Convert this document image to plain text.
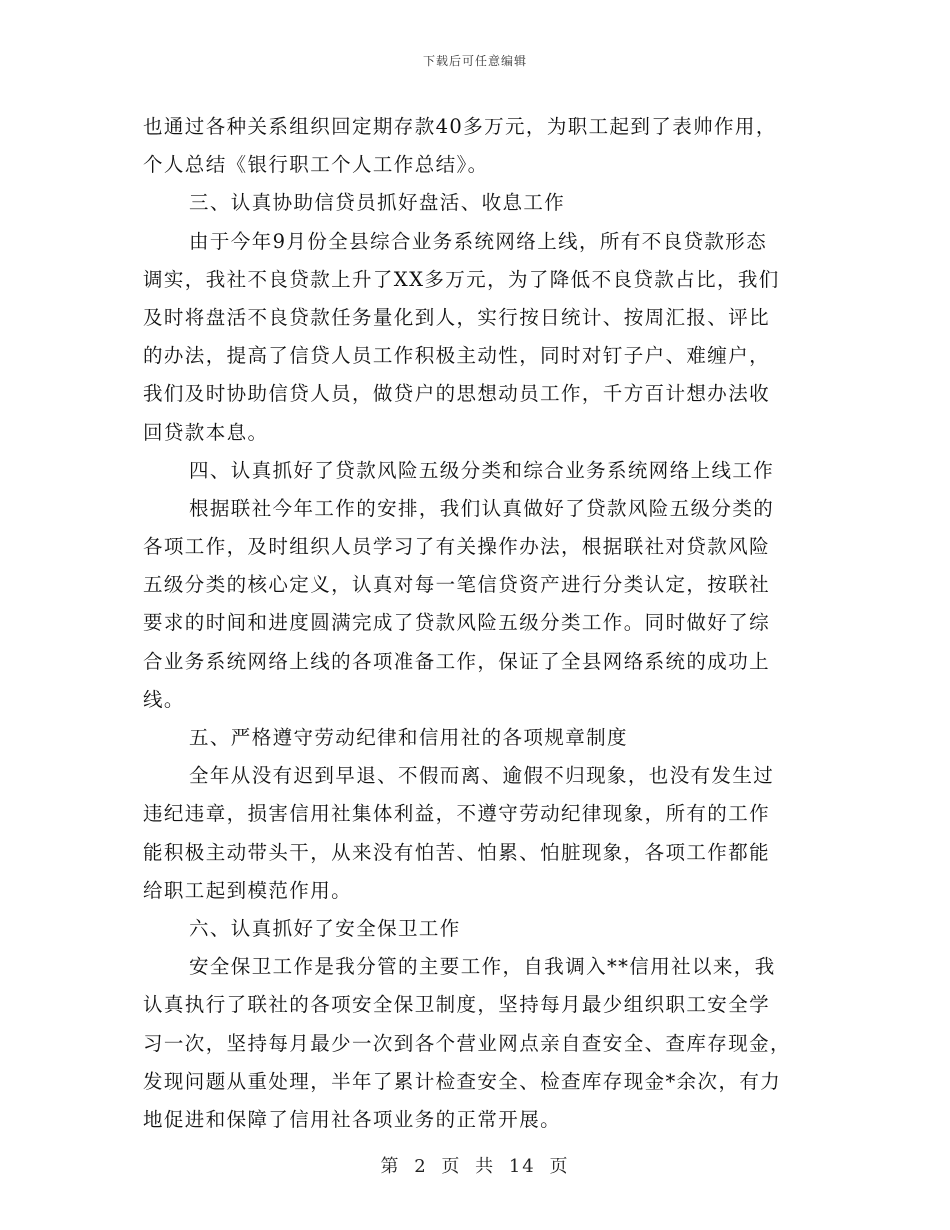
下载后可任意编辑
也通过各种关系组织回定期存款40多万元，为职工起到了表帅作用，
个人总结《银行职工个人工作总结》。
三、认真协助信贷员抓好盘活、收息工作
由于今年9月份全县综合业务系统网络上线，所有不良贷款形态
调实，我社不良贷款上升了XX多万元，为了降低不良贷款占比，我们
及时将盘活不良贷款任务量化到人，实行按日统计、按周汇报、评比
的办法，提高了信贷人员工作积极主动性，同时对钉子户、难缠户，
我们及时协助信贷人员，做贷户的思想动员工作，千方百计想办法收
回贷款本息。
四、认真抓好了贷款风险五级分类和综合业务系统网络上线工作
根据联社今年工作的安排，我们认真做好了贷款风险五级分类的
各项工作，及时组织人员学习了有关操作办法，根据联社对贷款风险
五级分类的核心定义，认真对每一笔信贷资产进行分类认定，按联社
要求的时间和进度圆满完成了贷款风险五级分类工作。同时做好了综
合业务系统网络上线的各项准备工作，保证了全县网络系统的成功上
线。
五、严格遵守劳动纪律和信用社的各项规章制度
全年从没有迟到早退、不假而离、逾假不归现象，也没有发生过
违纪违章，损害信用社集体利益，不遵守劳动纪律现象，所有的工作
能积极主动带头干，从来没有怕苦、怕累、怕脏现象，各项工作都能
给职工起到模范作用。
六、认真抓好了安全保卫工作
安全保卫工作是我分管的主要工作，自我调入**信用社以来，我
认真执行了联社的各项安全保卫制度，坚持每月最少组织职工安全学
习一次，坚持每月最少一次到各个营业网点亲自查安全、查库存现金，
发现问题从重处理，半年了累计检查安全、检查库存现金*余次，有力
地促进和保障了信用社各项业务的正常开展。
第 2 页 共 14 页
